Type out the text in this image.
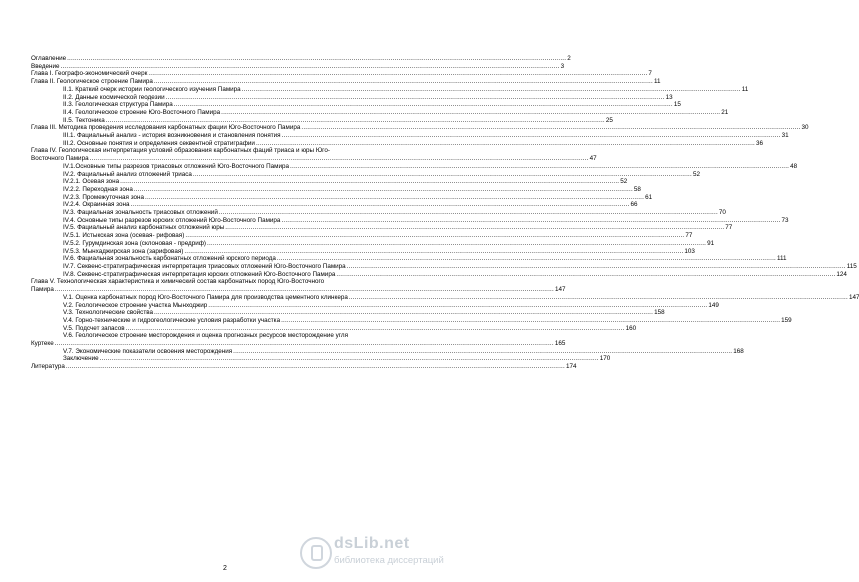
Оглавление .....	2
Введение .....	3
Глава I. Географо-экономический очерк .....	7
Глава II. Геологическое строение Памира .....	11
II.1. Краткий очерк истории геологического изучения Памира .....	11
II.2. Данные космической геодезии .....	13
II.3. Геологическая структура Памира .....	15
II.4. Геологическое строение Юго-Восточного Памира .....	21
II.5. Тектоника .....	25
Глава III. Методика проведения исследования карбонатных фации Юго-Восточного Памира .....	30
III.1. Фациальный анализ - история возникновения и становления понятия .....	31
III.2. Основные понятия и определения секвентной стратиграфии .....	36
Глава IV. Геологическая интерпретация условий образования карбонатных фаций триаса и юры Юго-
Восточного Памира .....	47
IV.1.Основные типы разрезов триасовых отложений Юго-Восточного Памира .....	48
IV.2. Фациальный анализ отложений триаса .....	52
IV.2.1. Осевая зона .....	52
IV.2.2. Переходная зона .....	58
IV.2.3. Промежуточная зона .....	61
IV.2.4. Окраинная зона .....	66
IV.3. Фациальная зональность триасовых отложений .....	70
IV.4. Основные типы разрезов юрских отложений Юго-Восточного Памира .....	73
IV.5. Фациальный анализ карбонатных отложений юры .....	77
IV.5.1. Истыкская зона (осевая- рифовая) .....	77
IV.5.2. Гурумдинская зона (склоновая - предриф) .....	91
IV.5.3. Мынхаджирская зона (зарифовая) .....	103
IV.6. Фациальная зональность карбонатных отложений юрского периода .....	111
IV.7. Секвенс-стратиграфическая интерпретация триасовых отложений Юго-Восточного Памира .....	115
IV.8. Секвенс-стратиграфическая интерпретация юрских отложений Юго-Восточного Памира .....	124
Глава V. Технологическая характеристика и химический состав карбонатных пород Юго-Восточного
Памира .....	147
V.1. Оценка карбонатных пород Юго-Восточного Памира для производства цементного клинкера .....	147
V.2. Геологическое строение участка Мынходжир .....	149
V.3. Технологические свойства .....	158
V.4. Горно-технические и гидрогеологические условия разработки участка .....	159
V.5. Подсчет запасов .....	160
V.6. Геологическое строение месторождения и оценка прогнозных ресурсов месторождение угля
Куртеке .....	165
V.7. Экономические показатели освоения месторождения .....	168
Заключение .....	170
Литература .....	174
2
dsLib.net
библиотека диссертаций
